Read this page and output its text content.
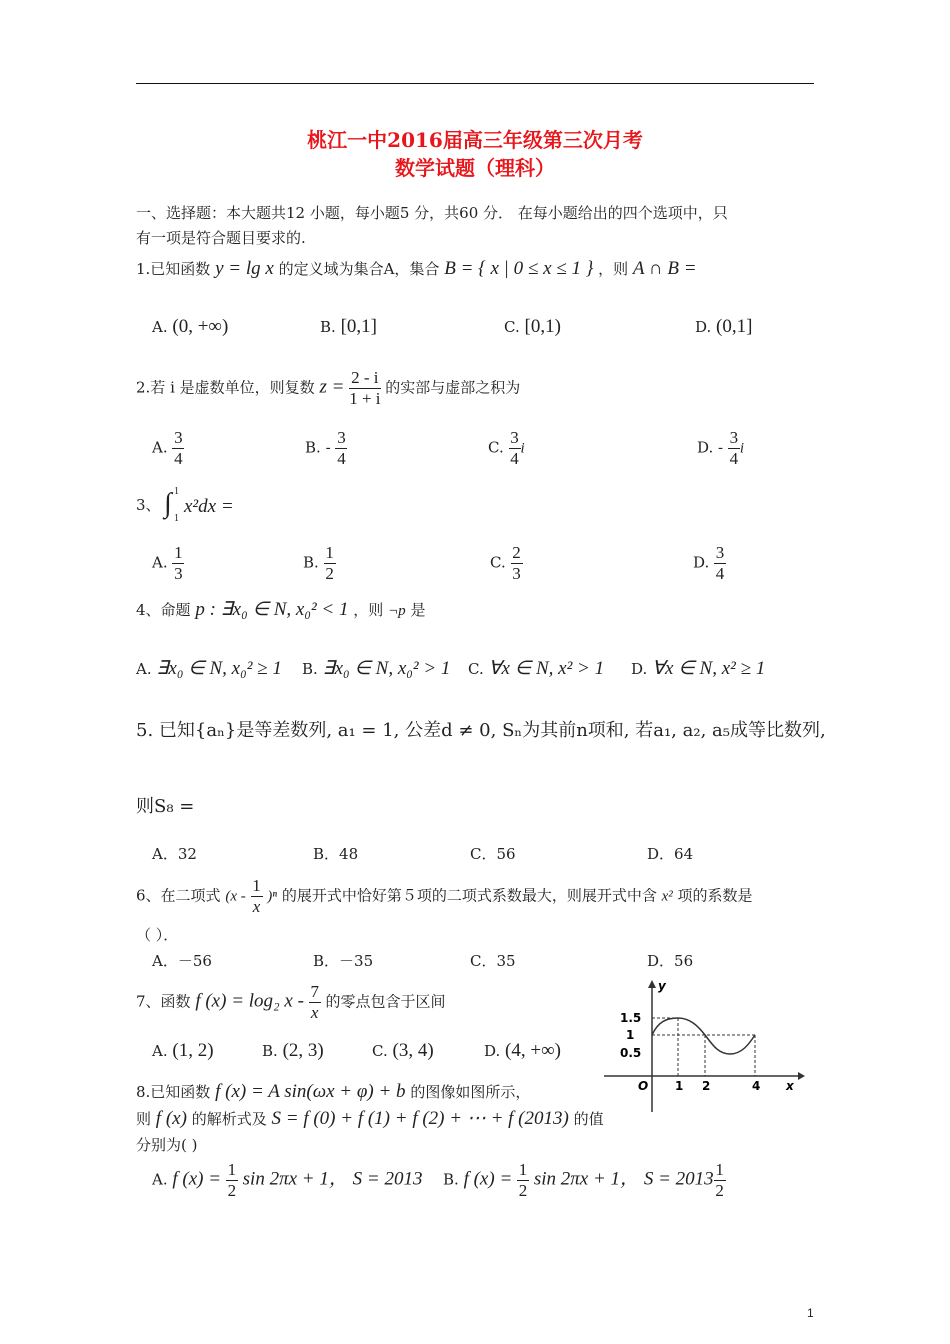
桃江一中2016届高三年级第三次月考
数学试题（理科）
一、选择题：本大题共12 小题，每小题5 分，共60 分． 在每小题给出的四个选项中，只
有一项是符合题目要求的.
1.已知函数 y = lg x 的定义域为集合A，集合 B = { x | 0 ≤ x ≤ 1 } ，则 A ∩ B =
A. (0, +∞)	B. [0,1]	C. [0,1)	D. (0,1]
2.若 i 是虚数单位，则复数 $z = \frac{2 - i}{1 + i}$ 的实部与虚部之积为
A. $\frac{3}{4}$	B. - $\frac{3}{4}$	C. $\frac{3}{4}$ i	D. - $\frac{3}{4}$ i
3、 ∫ 1
1
x²dx =
A. $\frac{1}{3}$	B. $\frac{1}{2}$	C. $\frac{2}{3}$	D. $\frac{3}{4}$
4、命题 p : ∃x₀ ∈ N, x₀² < 1 ，则 ¬p 是
A. ∃x₀ ∈ N, x₀² ≥ 1 B. ∃x₀ ∈ N, x₀² > 1 C. ∀x ∈ N, x² > 1 D. ∀x ∈ N, x² ≥ 1
5. 已知{aₙ}是等差数列, a₁ = 1, 公差d ≠ 0, Sₙ为其前n项和, 若a₁, a₂, a₅成等比数列,
则S₈ =
A．32	B．48	C．56	D．64
6、在二项式 $(x - \frac{1}{x} )^n$ 的展开式中恰好第５项的二项式系数最大，则展开式中含 x² 项的系数是
（ ）．
A．－56	B．－35	C．35	D．56
7、函数 f (x) = log₂ x - $\frac{7}{x}$ 的零点包含于区间
A. (1, 2)	B. (2, 3)	C. (3, 4)	D. (4, +∞)
y
x
O
1.5
1
0.5
1 2	4
8.已知函数 f (x) = A sin(ωx + φ) + b 的图像如图所示，
则 f (x) 的解析式及 S = f (0) + f (1) + f (2) + ⋯ + f (2013) 的值
分别为( )
A. f $(x) = \frac{1}{2}$ sin 2πx + 1， S = 2013 B. f $(x) = \frac{1}{2}$ sin 2πx + 1， $S = 2013 \frac{1}{2}$
1
